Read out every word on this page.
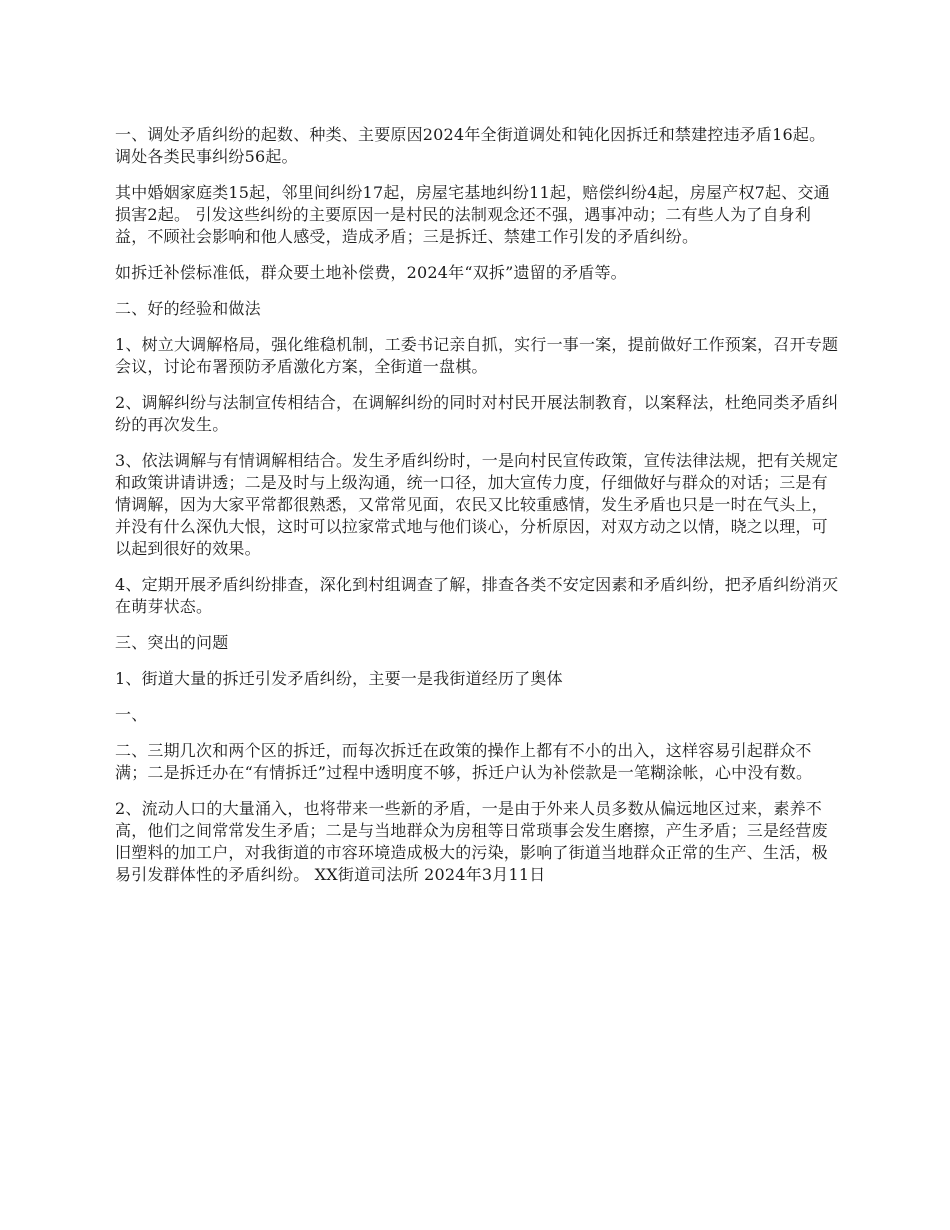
一、调处矛盾纠纷的起数、种类、主要原因2024年全街道调处和钝化因拆迁和禁建控违矛盾16起。调处各类民事纠纷56起。

其中婚姻家庭类15起，邻里间纠纷17起，房屋宅基地纠纷11起，赔偿纠纷4起，房屋产权7起、交通损害2起。 引发这些纠纷的主要原因一是村民的法制观念还不强，遇事冲动；二有些人为了自身利益，不顾社会影响和他人感受，造成矛盾；三是拆迁、禁建工作引发的矛盾纠纷。

如拆迁补偿标准低，群众要土地补偿费，2024年“双拆”遗留的矛盾等。

二、好的经验和做法

1、树立大调解格局，强化维稳机制，工委书记亲自抓，实行一事一案，提前做好工作预案，召开专题会议，讨论布署预防矛盾激化方案，全街道一盘棋。

2、调解纠纷与法制宣传相结合，在调解纠纷的同时对村民开展法制教育，以案释法，杜绝同类矛盾纠纷的再次发生。

3、依法调解与有情调解相结合。发生矛盾纠纷时，一是向村民宣传政策，宣传法律法规，把有关规定和政策讲请讲透；二是及时与上级沟通，统一口径，加大宣传力度，仔细做好与群众的对话；三是有情调解，因为大家平常都很熟悉，又常常见面，农民又比较重感情，发生矛盾也只是一时在气头上，并没有什么深仇大恨，这时可以拉家常式地与他们谈心，分析原因，对双方动之以情，晓之以理，可以起到很好的效果。

4、定期开展矛盾纠纷排查，深化到村组调查了解，排查各类不安定因素和矛盾纠纷，把矛盾纠纷消灭在萌芽状态。

三、突出的问题

1、街道大量的拆迁引发矛盾纠纷，主要一是我街道经历了奥体

一、

二、三期几次和两个区的拆迁，而每次拆迁在政策的操作上都有不小的出入，这样容易引起群众不满；二是拆迁办在“有情拆迁”过程中透明度不够，拆迁户认为补偿款是一笔糊涂帐，心中没有数。

2、流动人口的大量涌入，也将带来一些新的矛盾，一是由于外来人员多数从偏远地区过来，素养不高，他们之间常常发生矛盾；二是与当地群众为房租等日常琐事会发生磨擦，产生矛盾；三是经营废旧塑料的加工户，对我街道的市容环境造成极大的污染，影响了街道当地群众正常的生产、生活，极易引发群体性的矛盾纠纷。 XX街道司法所 2024年3月11日
